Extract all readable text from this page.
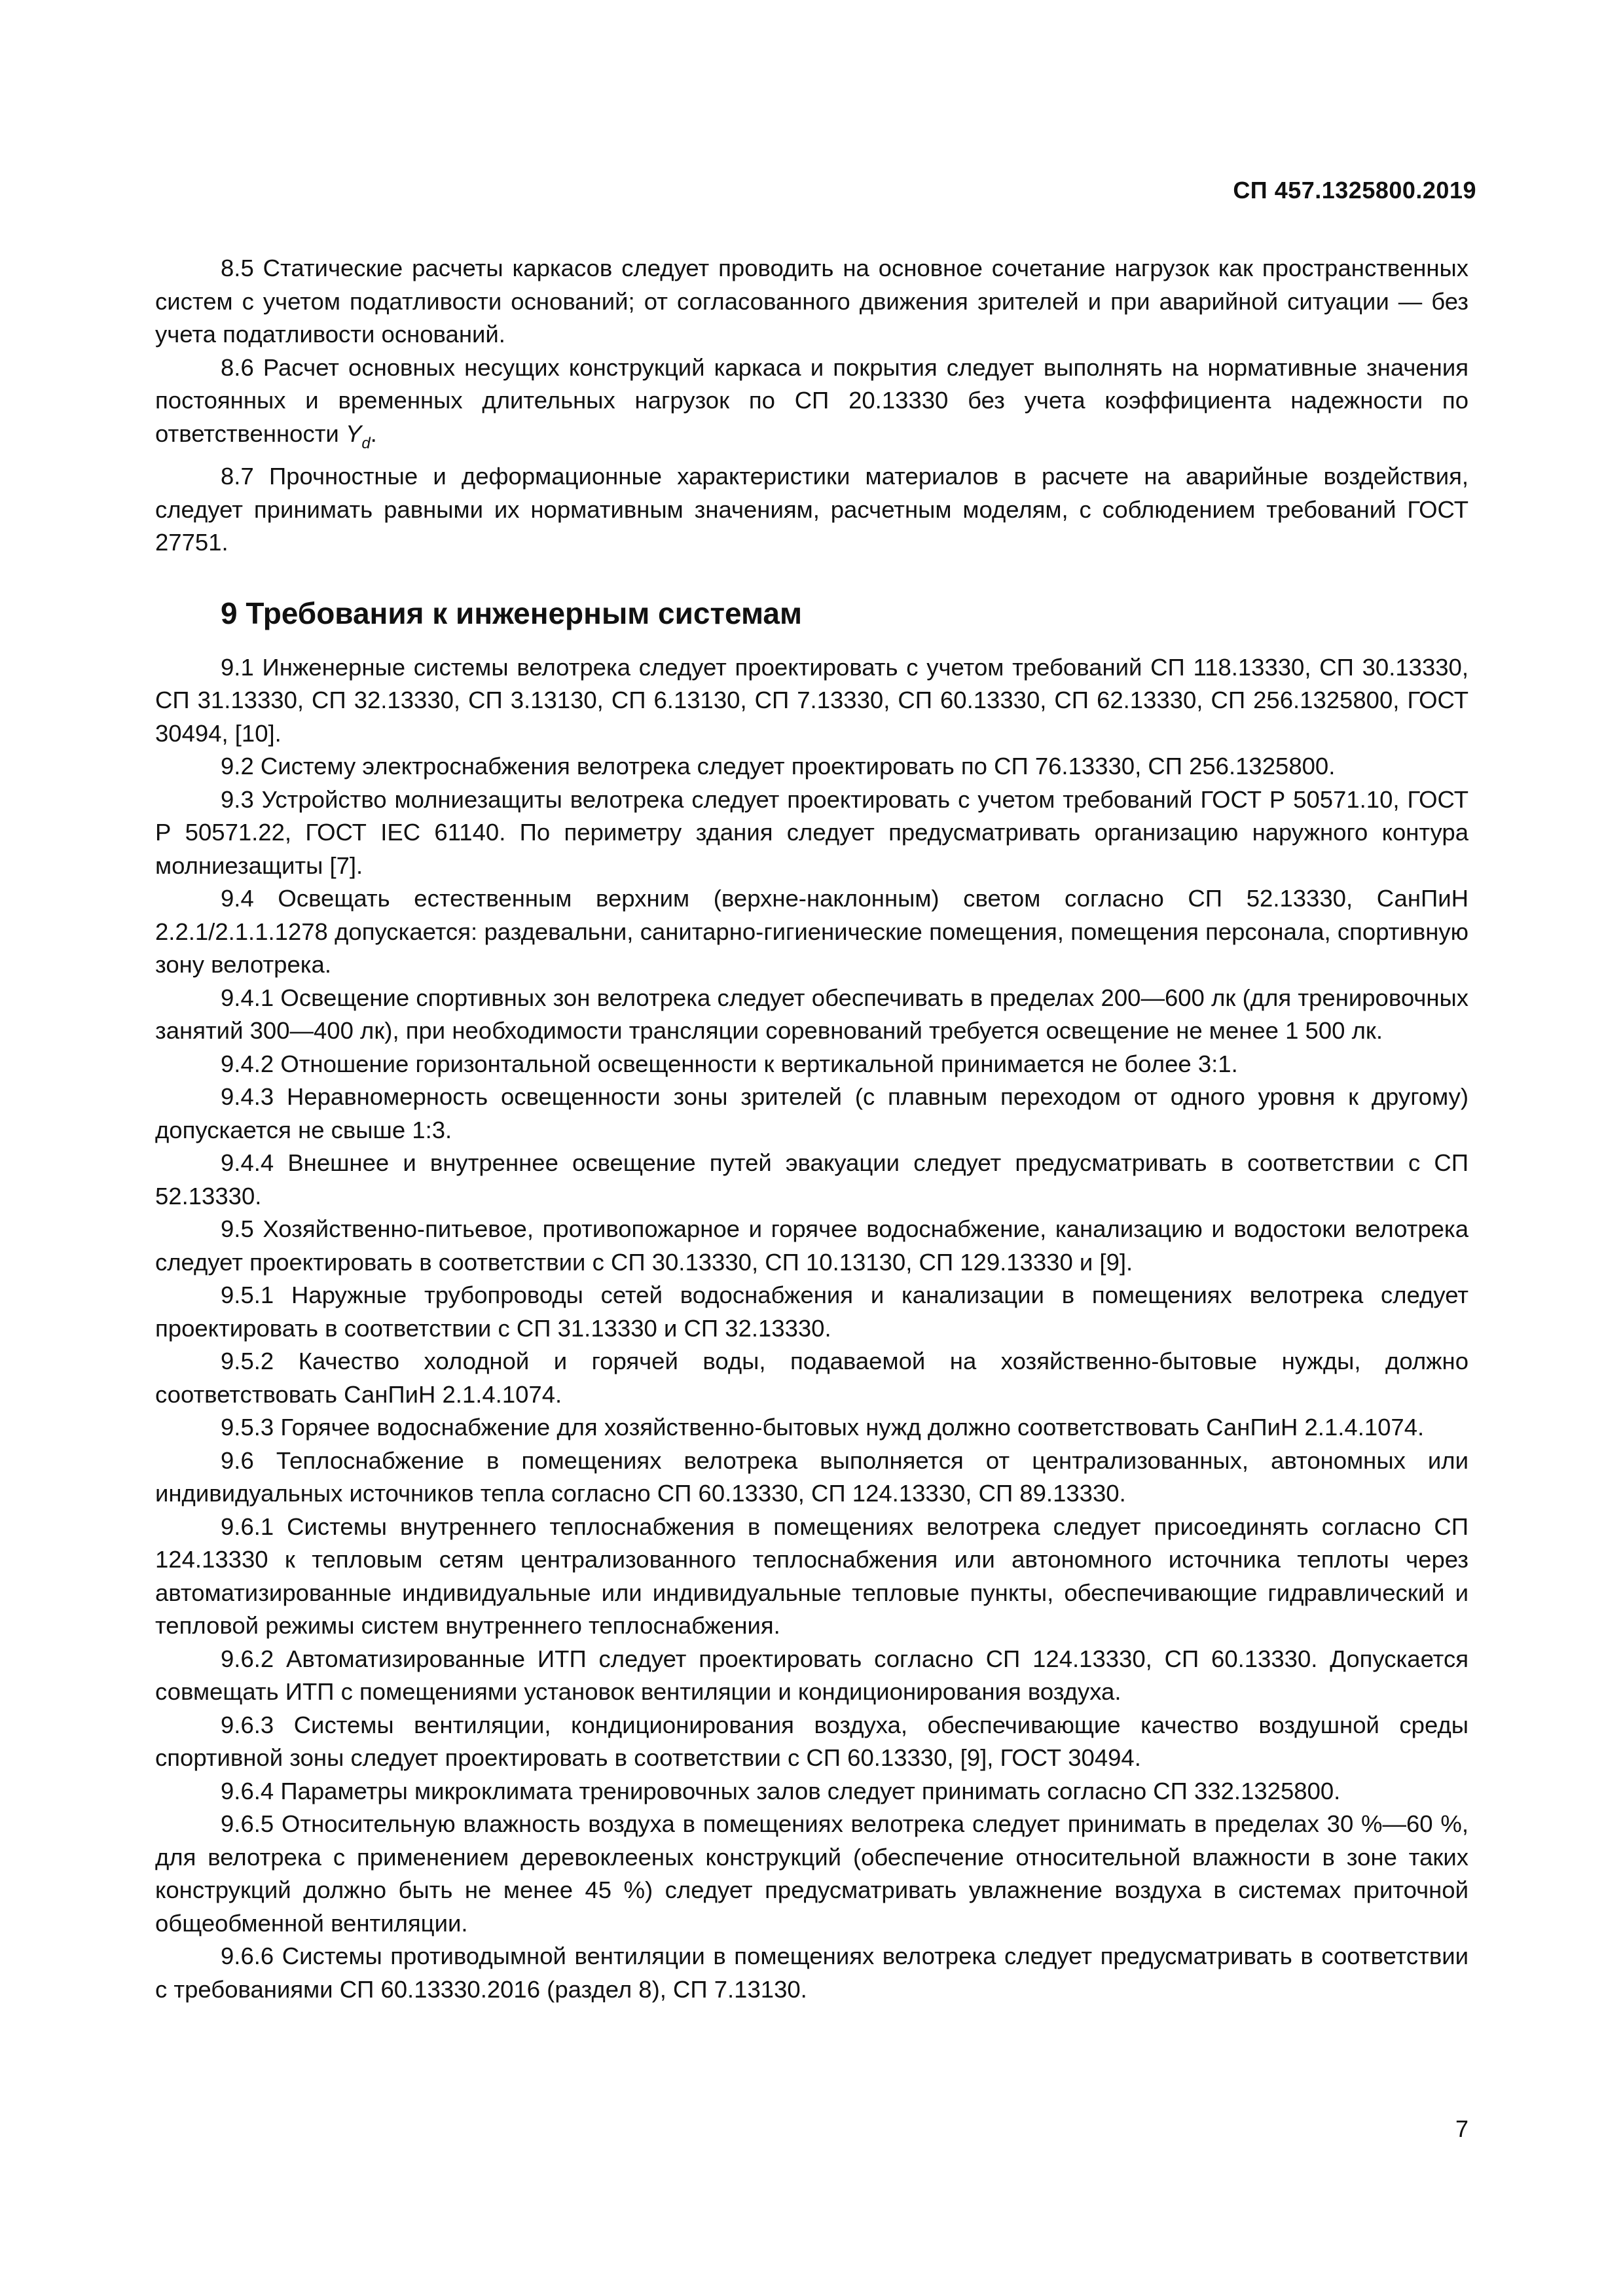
СП 457.1325800.2019

8.5 Статические расчеты каркасов следует проводить на основное сочетание нагрузок как пространственных систем с учетом податливости оснований; от согласованного движения зрителей и при аварийной ситуации — без учета податливости оснований.

8.6 Расчет основных несущих конструкций каркаса и покрытия следует выполнять на нормативные значения постоянных и временных длительных нагрузок по СП 20.13330 без учета коэффициента надежности по ответственности $Y_d$.

8.7 Прочностные и деформационные характеристики материалов в расчете на аварийные воздействия, следует принимать равными их нормативным значениям, расчетным моделям, с соблюдением требований ГОСТ 27751.

9 Требования к инженерным системам

9.1 Инженерные системы велотрека следует проектировать с учетом требований СП 118.13330, СП 30.13330, СП 31.13330, СП 32.13330, СП 3.13130, СП 6.13130, СП 7.13330, СП 60.13330, СП 62.13330, СП 256.1325800, ГОСТ 30494, [10].

9.2 Систему электроснабжения велотрека следует проектировать по СП 76.13330, СП 256.1325800.

9.3 Устройство молниезащиты велотрека следует проектировать с учетом требований ГОСТ Р 50571.10, ГОСТ Р 50571.22, ГОСТ IEC 61140. По периметру здания следует предусматривать организацию наружного контура молниезащиты [7].

9.4 Освещать естественным верхним (верхне-наклонным) светом согласно СП 52.13330, СанПиН 2.2.1/2.1.1.1278 допускается: раздевальни, санитарно-гигиенические помещения, помещения персонала, спортивную зону велотрека.

9.4.1 Освещение спортивных зон велотрека следует обеспечивать в пределах 200—600 лк (для тренировочных занятий 300—400 лк), при необходимости трансляции соревнований требуется освещение не менее 1 500 лк.

9.4.2 Отношение горизонтальной освещенности к вертикальной принимается не более 3:1.

9.4.3 Неравномерность освещенности зоны зрителей (с плавным переходом от одного уровня к другому) допускается не свыше 1:3.

9.4.4 Внешнее и внутреннее освещение путей эвакуации следует предусматривать в соответствии с СП 52.13330.

9.5 Хозяйственно-питьевое, противопожарное и горячее водоснабжение, канализацию и водостоки велотрека следует проектировать в соответствии с СП 30.13330, СП 10.13130, СП 129.13330 и [9].

9.5.1 Наружные трубопроводы сетей водоснабжения и канализации в помещениях велотрека следует проектировать в соответствии с СП 31.13330 и СП 32.13330.

9.5.2 Качество холодной и горячей воды, подаваемой на хозяйственно-бытовые нужды, должно соответствовать СанПиН 2.1.4.1074.

9.5.3 Горячее водоснабжение для хозяйственно-бытовых нужд должно соответствовать СанПиН 2.1.4.1074.

9.6 Теплоснабжение в помещениях велотрека выполняется от централизованных, автономных или индивидуальных источников тепла согласно СП 60.13330, СП 124.13330, СП 89.13330.

9.6.1 Системы внутреннего теплоснабжения в помещениях велотрека следует присоединять согласно СП 124.13330 к тепловым сетям централизованного теплоснабжения или автономного источника теплоты через автоматизированные индивидуальные или индивидуальные тепловые пункты, обеспечивающие гидравлический и тепловой режимы систем внутреннего теплоснабжения.

9.6.2 Автоматизированные ИТП следует проектировать согласно СП 124.13330, СП 60.13330. Допускается совмещать ИТП с помещениями установок вентиляции и кондиционирования воздуха.

9.6.3 Системы вентиляции, кондиционирования воздуха, обеспечивающие качество воздушной среды спортивной зоны следует проектировать в соответствии с СП 60.13330, [9], ГОСТ 30494.

9.6.4 Параметры микроклимата тренировочных залов следует принимать согласно СП 332.1325800.

9.6.5 Относительную влажность воздуха в помещениях велотрека следует принимать в пределах 30 %—60 %, для велотрека с применением деревоклееных конструкций (обеспечение относительной влажности в зоне таких конструкций должно быть не менее 45 %) следует предусматривать увлажнение воздуха в системах приточной общеобменной вентиляции.

9.6.6 Системы противодымной вентиляции в помещениях велотрека следует предусматривать в соответствии с требованиями СП 60.13330.2016 (раздел 8), СП 7.13130.

7
